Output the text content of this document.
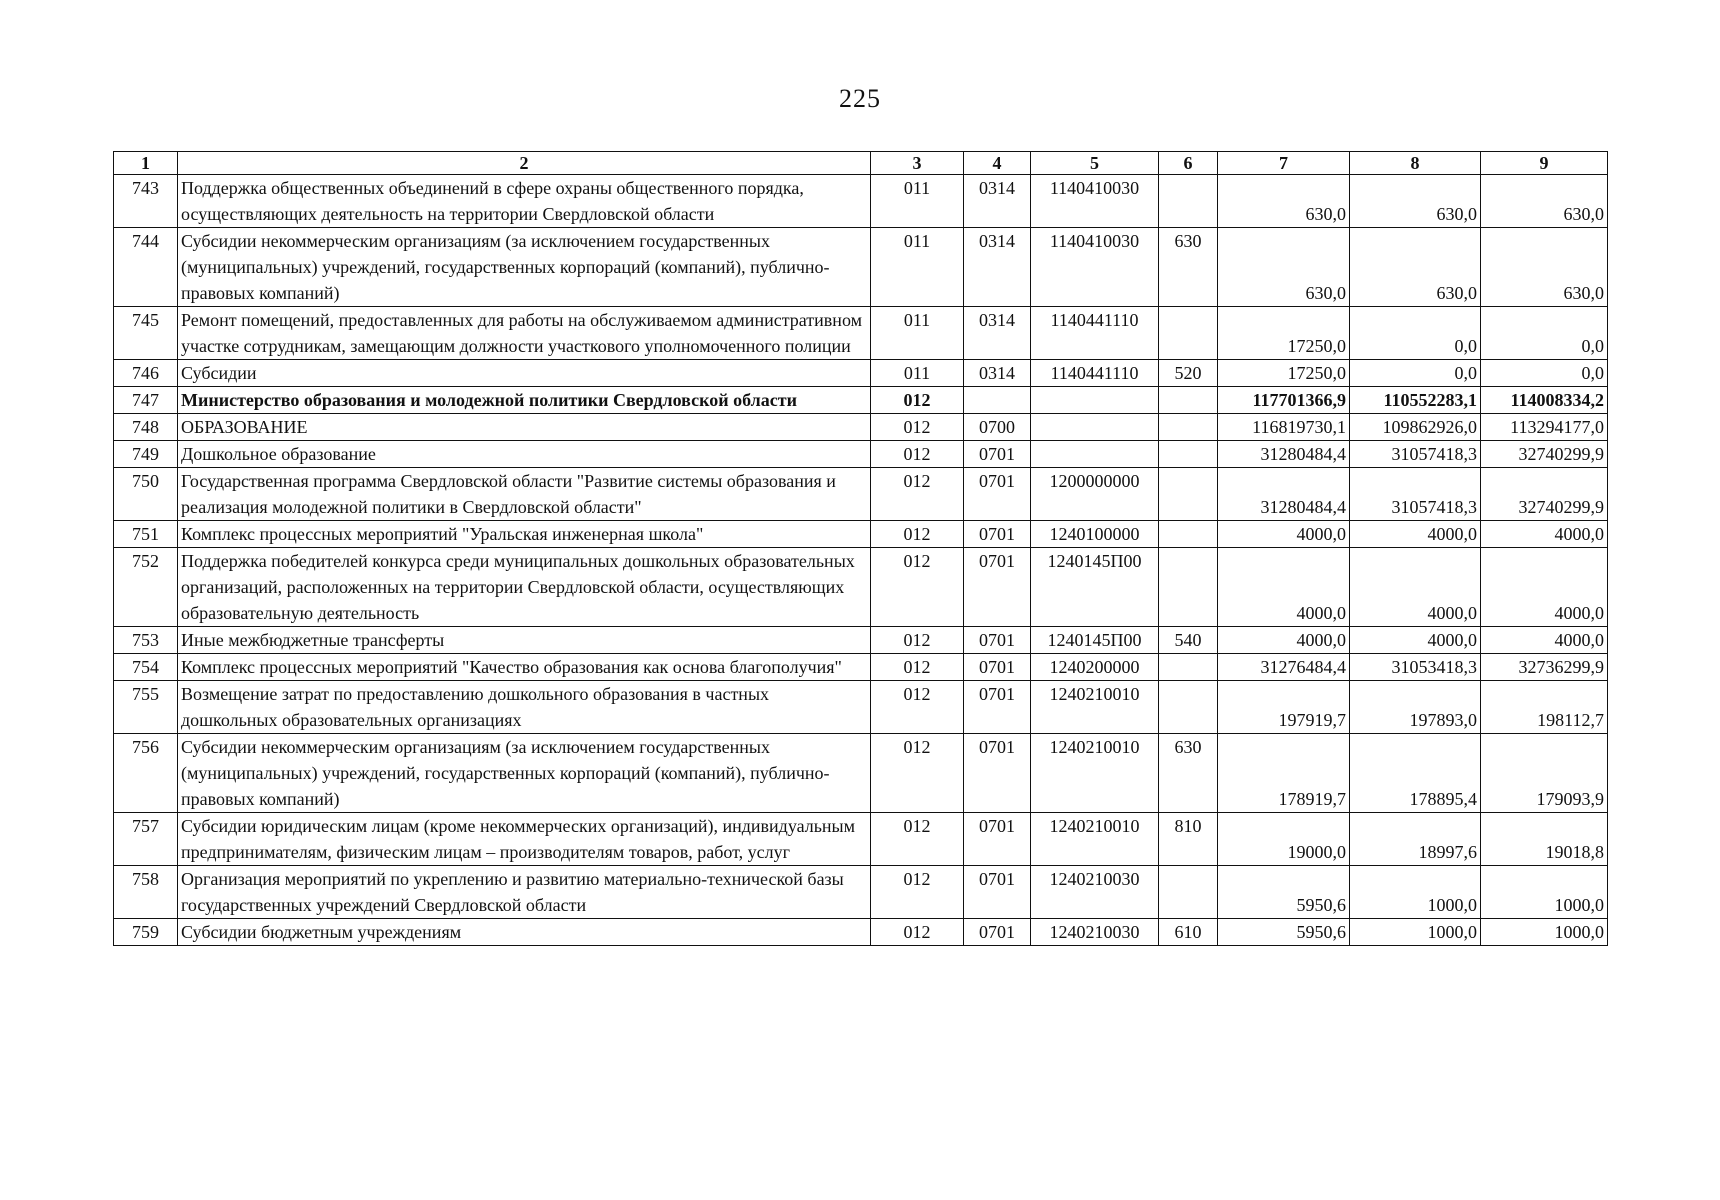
225
1	2	3	4	5	6	7	8	9
743	Поддержка общественных объединений в сфере охраны общественного порядка, осуществляющих деятельность на территории Свердловской области	011	0314	1140410030		630,0	630,0	630,0
744	Субсидии некоммерческим организациям (за исключением государственных (муниципальных) учреждений, государственных корпораций (компаний), публично-правовых компаний)	011	0314	1140410030	630	630,0	630,0	630,0
745	Ремонт помещений, предоставленных для работы на обслуживаемом административном участке сотрудникам, замещающим должности участкового уполномоченного полиции	011	0314	1140441110		17250,0	0,0	0,0
746	Субсидии	011	0314	1140441110	520	17250,0	0,0	0,0
747	Министерство образования и молодежной политики Свердловской области	012				117701366,9	110552283,1	114008334,2
748	ОБРАЗОВАНИЕ	012	0700			116819730,1	109862926,0	113294177,0
749	Дошкольное образование	012	0701			31280484,4	31057418,3	32740299,9
750	Государственная программа Свердловской области "Развитие системы образования и реализация молодежной политики в Свердловской области"	012	0701	1200000000		31280484,4	31057418,3	32740299,9
751	Комплекс процессных мероприятий "Уральская инженерная школа"	012	0701	1240100000		4000,0	4000,0	4000,0
752	Поддержка победителей конкурса среди муниципальных дошкольных образовательных организаций, расположенных на территории Свердловской области, осуществляющих образовательную деятельность	012	0701	1240145П00		4000,0	4000,0	4000,0
753	Иные межбюджетные трансферты	012	0701	1240145П00	540	4000,0	4000,0	4000,0
754	Комплекс процессных мероприятий "Качество образования как основа благополучия"	012	0701	1240200000		31276484,4	31053418,3	32736299,9
755	Возмещение затрат по предоставлению дошкольного образования в частных дошкольных образовательных организациях	012	0701	1240210010		197919,7	197893,0	198112,7
756	Субсидии некоммерческим организациям (за исключением государственных (муниципальных) учреждений, государственных корпораций (компаний), публично-правовых компаний)	012	0701	1240210010	630	178919,7	178895,4	179093,9
757	Субсидии юридическим лицам (кроме некоммерческих организаций), индивидуальным предпринимателям, физическим лицам – производителям товаров, работ, услуг	012	0701	1240210010	810	19000,0	18997,6	19018,8
758	Организация мероприятий по укреплению и развитию материально-технической базы государственных учреждений Свердловской области	012	0701	1240210030		5950,6	1000,0	1000,0
759	Субсидии бюджетным учреждениям	012	0701	1240210030	610	5950,6	1000,0	1000,0
